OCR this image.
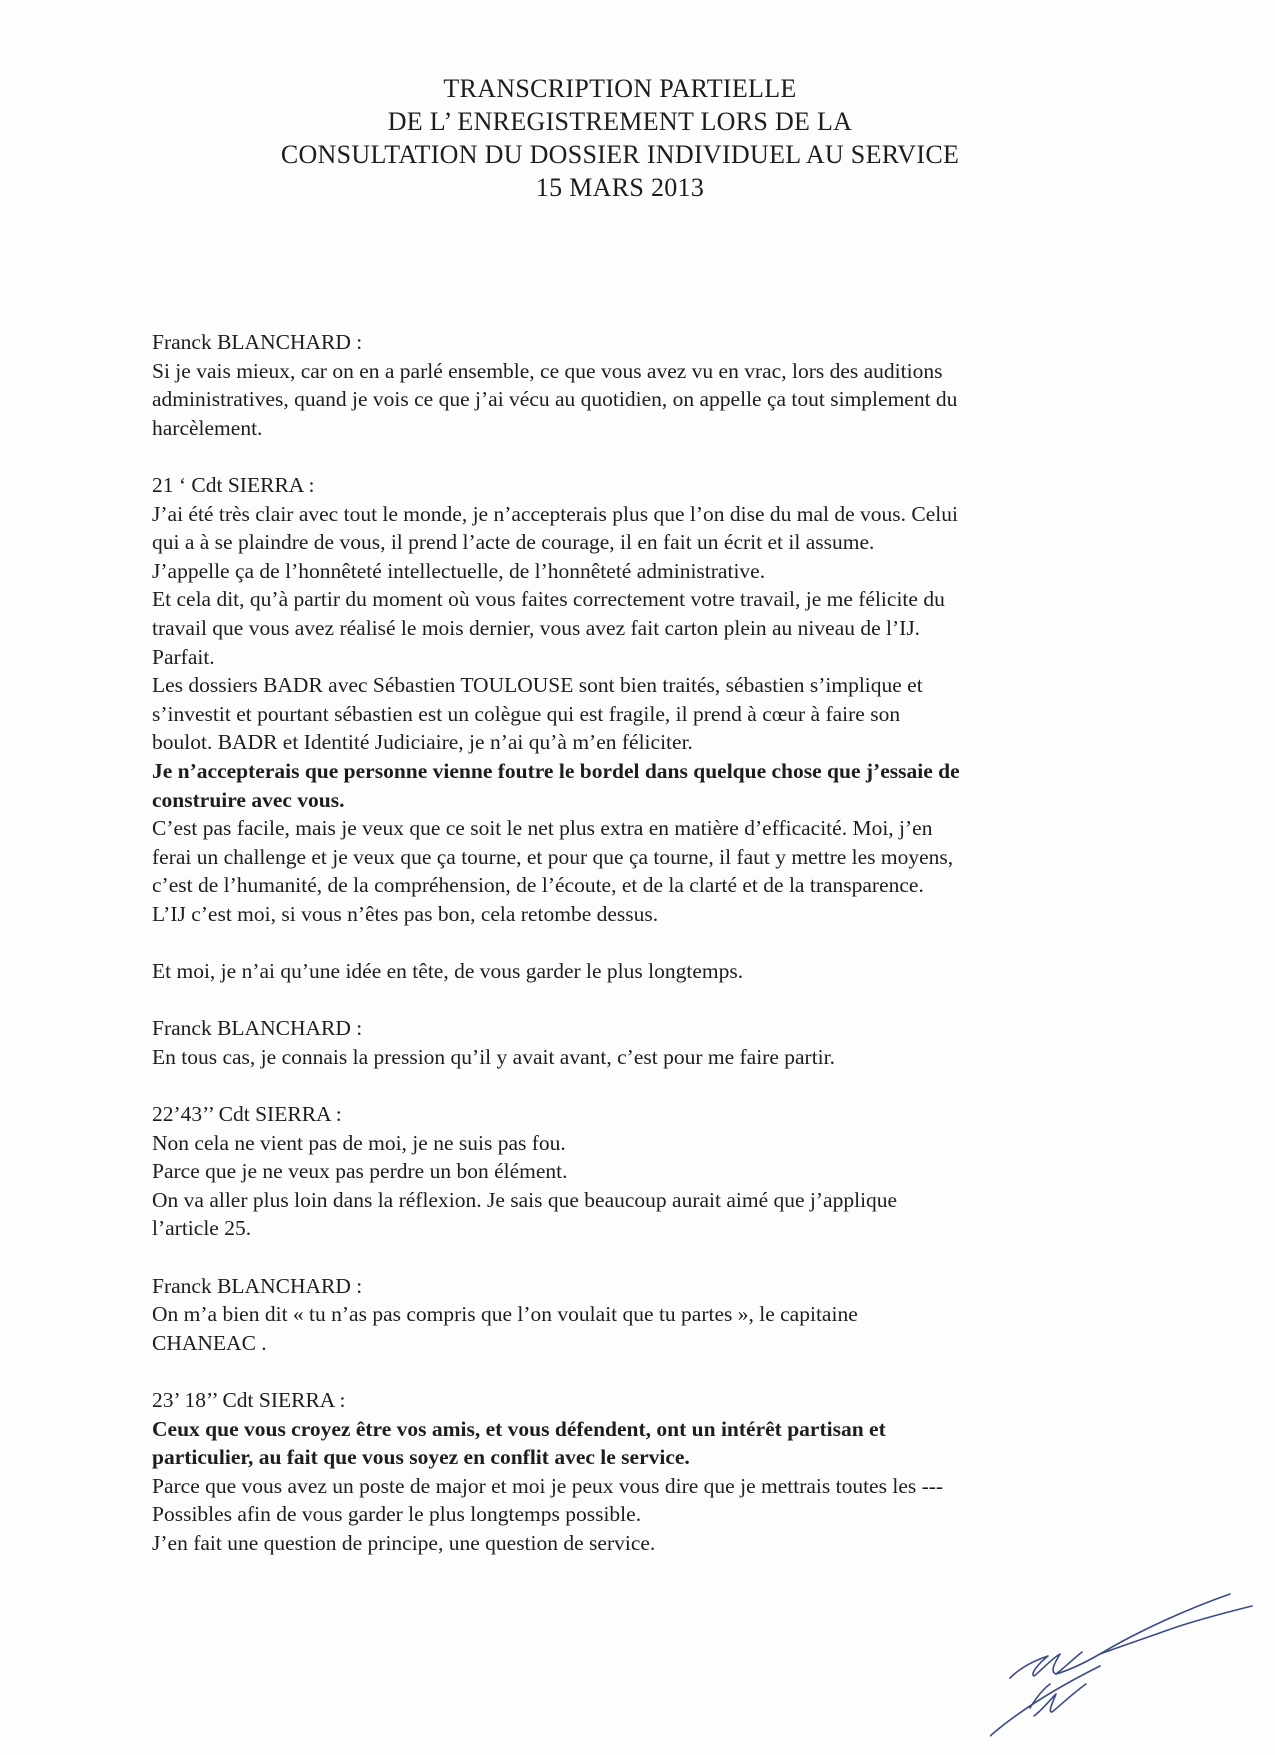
TRANSCRIPTION PARTIELLE
DE L’ ENREGISTREMENT LORS DE LA
CONSULTATION DU DOSSIER INDIVIDUEL AU SERVICE
15 MARS 2013
Franck BLANCHARD :
Si je vais mieux, car on en a parlé ensemble, ce que vous avez vu en vrac, lors des auditions
administratives, quand je vois ce que j’ai vécu au quotidien, on appelle ça tout simplement du
harcèlement.
21 ‘ Cdt SIERRA :
J’ai été très clair avec tout le monde, je n’accepterais plus que l’on dise du mal de vous. Celui
qui a à se plaindre de vous, il prend l’acte de courage, il en fait un écrit et il assume.
J’appelle ça de l’honnêteté intellectuelle, de l’honnêteté administrative.
Et cela dit, qu’à partir du moment où vous faites correctement votre travail, je me félicite du
travail que vous avez réalisé le mois dernier, vous avez fait carton plein au niveau de l’IJ.
Parfait.
Les dossiers BADR avec Sébastien TOULOUSE sont bien traités, sébastien s’implique et
s’investit et pourtant sébastien est un colègue qui est fragile, il prend à cœur à faire son
boulot. BADR et Identité Judiciaire, je n’ai qu’à m’en féliciter.
Je n’accepterais que personne vienne foutre le bordel dans quelque chose que j’essaie de
construire avec vous.
C’est pas facile, mais je veux que ce soit le net plus extra en matière d’efficacité. Moi, j’en
ferai un challenge et je veux que ça tourne, et pour que ça tourne, il faut y mettre les moyens,
c’est de l’humanité, de la compréhension, de l’écoute, et de la clarté et de la transparence.
L’IJ c’est moi, si vous n’êtes pas bon, cela retombe dessus.
Et moi, je n’ai qu’une idée en tête, de vous garder le plus longtemps.
Franck BLANCHARD :
En tous cas, je connais la pression qu’il y avait avant, c’est pour me faire partir.
22’43’’ Cdt SIERRA :
Non cela ne vient pas de moi, je ne suis pas fou.
Parce que je ne veux pas perdre un bon élément.
On va aller plus loin dans la réflexion. Je sais que beaucoup aurait aimé que j’applique
l’article 25.
Franck BLANCHARD :
On m’a bien dit « tu n’as pas compris que l’on voulait que tu partes », le capitaine
CHANEAC .
23’ 18’’ Cdt SIERRA :
Ceux que vous croyez être vos amis, et vous défendent, ont un intérêt partisan et
particulier, au fait que vous soyez en conflit avec le service.
Parce que vous avez un poste de major et moi je peux vous dire que je mettrais toutes les ---
Possibles afin de vous garder le plus longtemps possible.
J’en fait une question de principe, une question de service.
